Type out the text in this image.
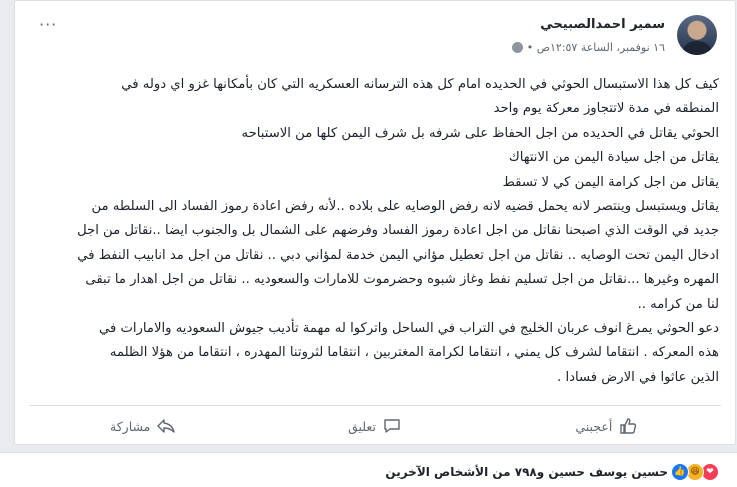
سمير احمدالصبيحي
١٦ نوفمبر، الساعة ١٢:٥٧ص •
···
كيف كل هذا الاستبسال الحوثي في الحديده امام كل هذه الترسانه العسكريه التي كان بأمكانها غزو اي دوله في
المنطقه في مدة لاتتجاوز معركة يوم واحد
الحوثي يقاتل في الحديده من اجل الحفاظ على شرفه بل شرف اليمن كلها من الاستباحه
يقاتل من اجل سيادة اليمن من الانتهاك
يقاتل من اجل كرامة اليمن كي لا تسقط
يقاتل ويستبسل وينتصر لانه يحمل قضيه لانه رفض الوصايه على بلاده ..لأنه رفض اعادة رموز الفساد الى السلطه من
جديد في الوقت الذي اصبحنا نقاتل من اجل اعادة رموز الفساد وفرضهم على الشمال بل والجنوب ايضا ..نقاتل من اجل
ادخال اليمن تحت الوصايه .. نقاتل من اجل تعطيل مؤاني اليمن خدمة لمؤاني دبي .. نقاتل من اجل مد انابيب النفط في
المهره وغيرها ...نقاتل من اجل تسليم نفط وغاز شبوه وحضرموت للامارات والسعوديه .. نقاتل من اجل اهدار ما تبقى
لنا من كرامه ..
دعو الحوثي يمرغ انوف عربان الخليج في التراب في الساحل واتركوا له مهمة تأديب جيوش السعوديه والامارات في
هذه المعركه . انتقاما لشرف كل يمني ، انتقاما لكرامة المغتربين ، انتقاما لثروتنا المهدره ، انتقاما من هؤلا الظلمه
الذين عاثوا في الارض فسادا .
أعجبني
تعليق
مشاركة
👍 😆 ❤
حسين يوسف حسين و٧٩٨ من الأشخاص الآخرين
